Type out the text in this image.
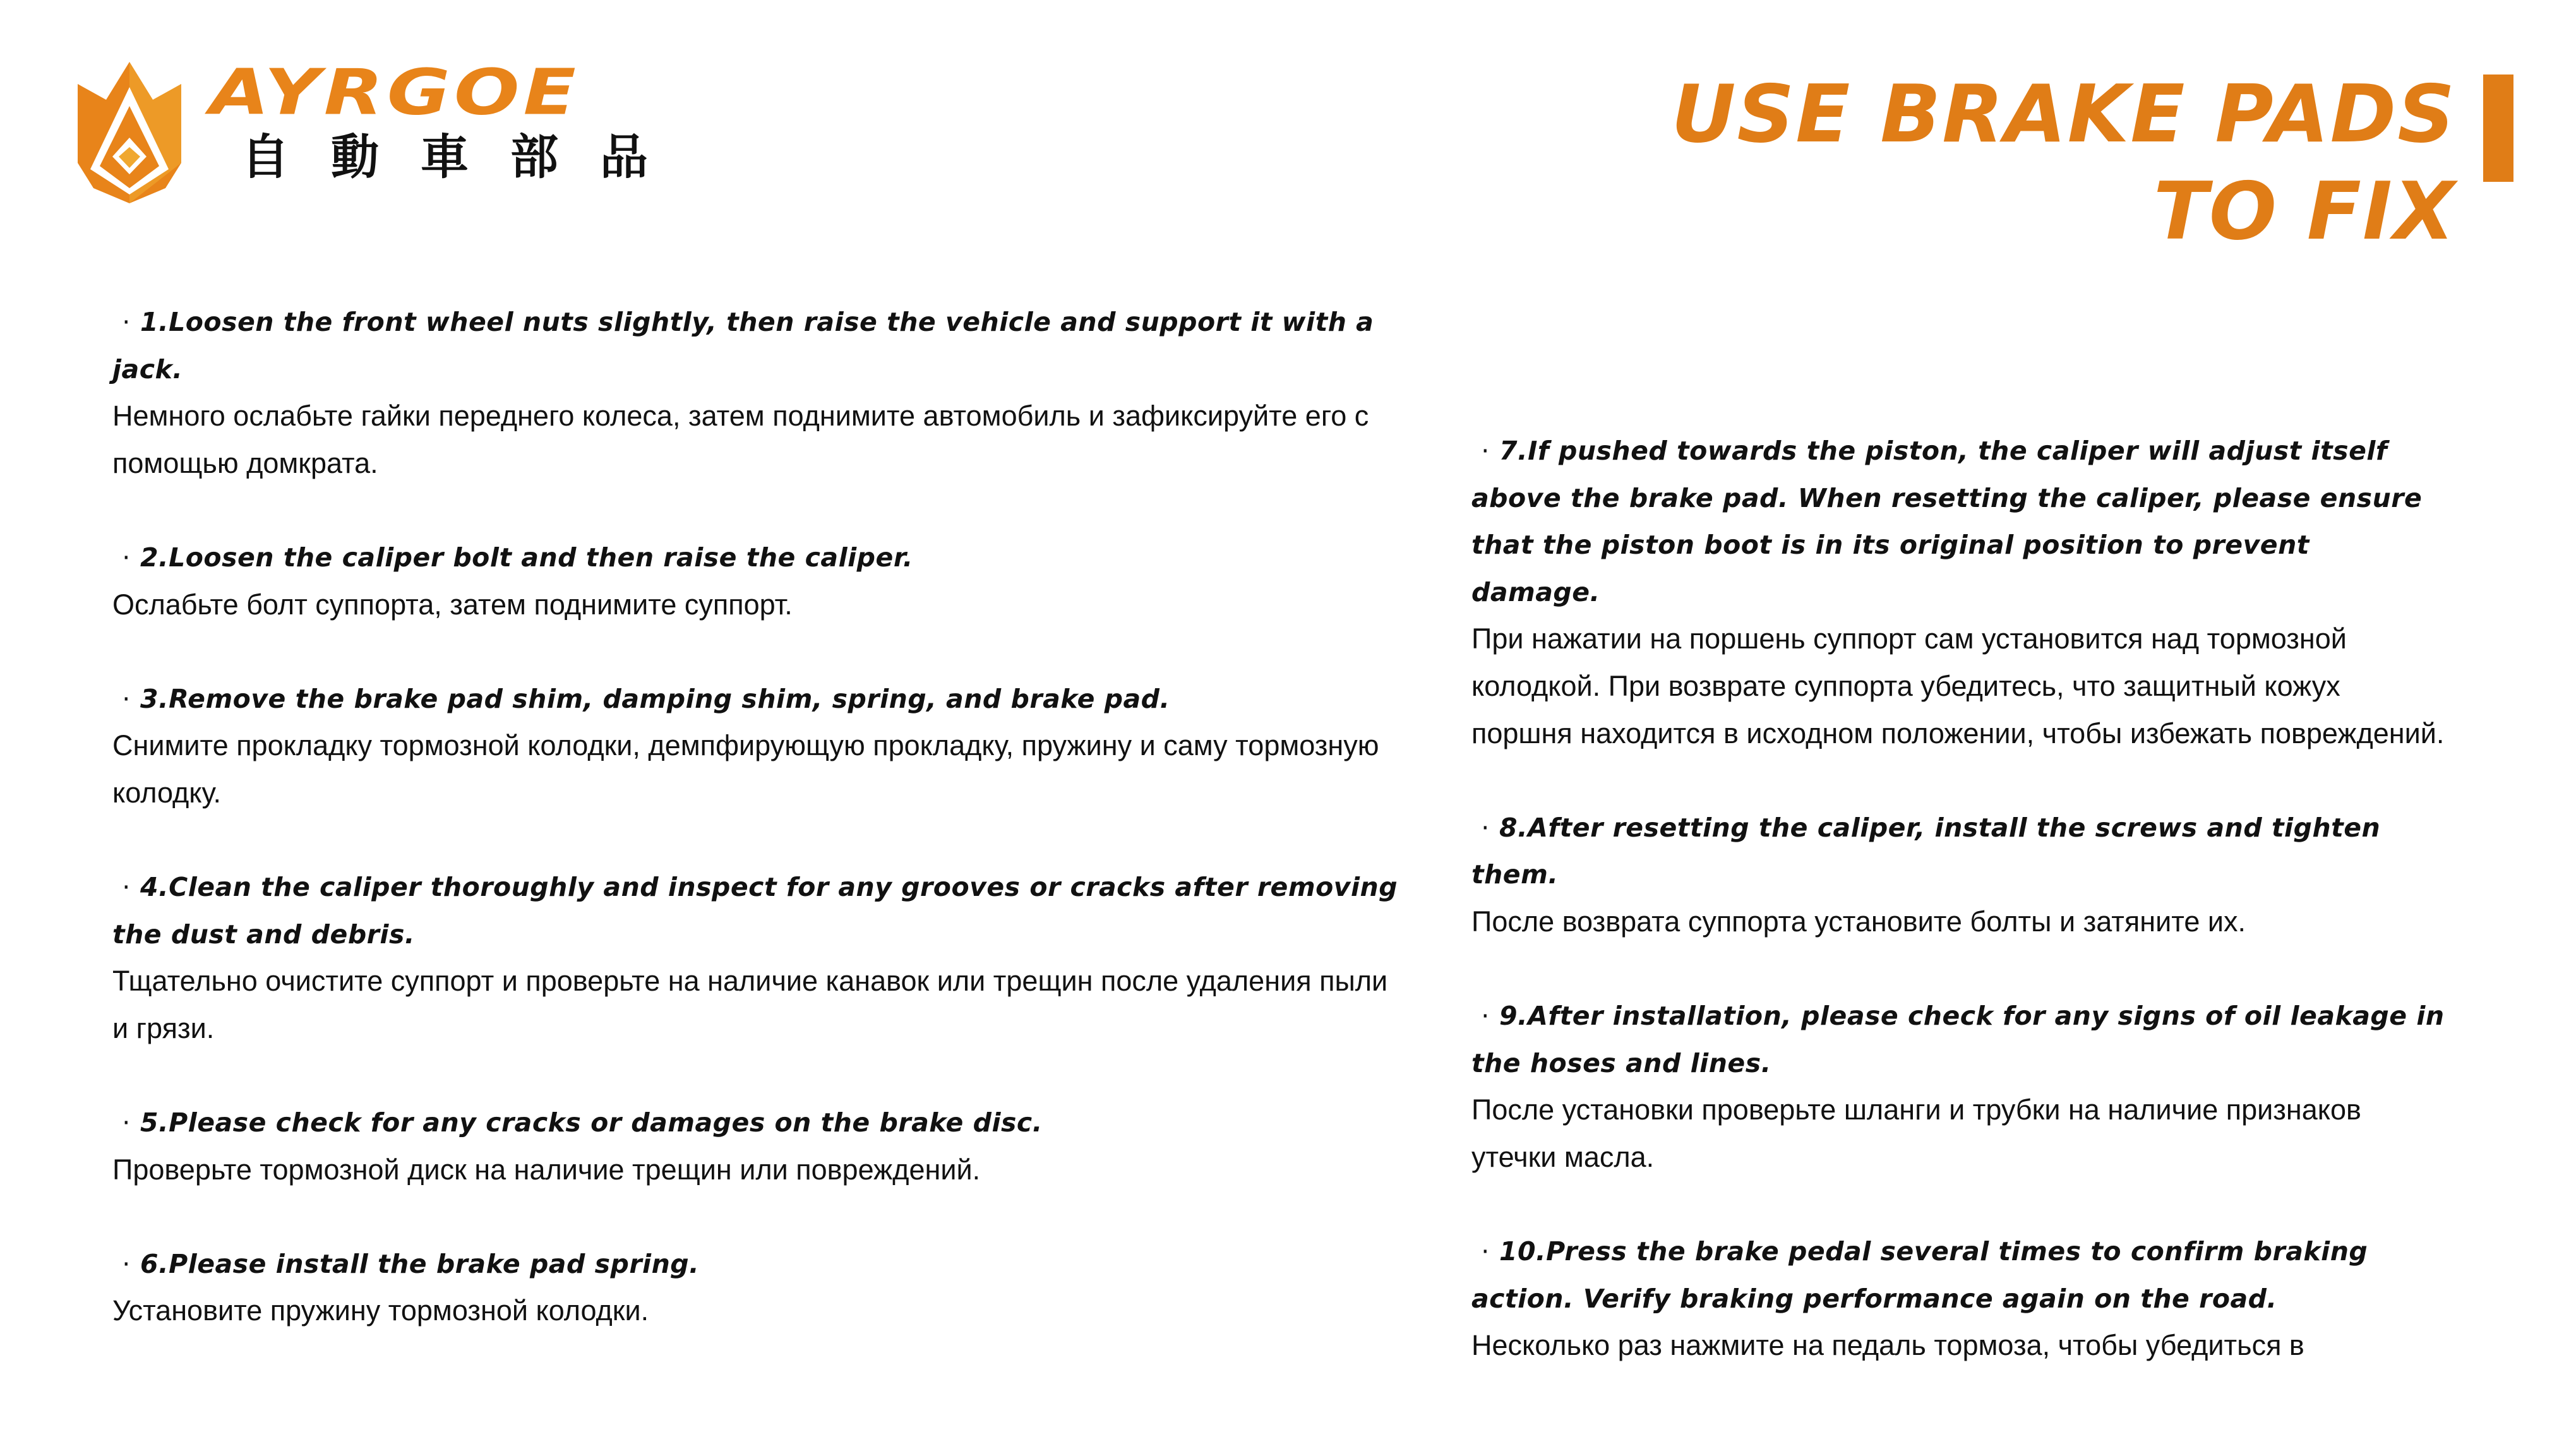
AYRGOE
自動車部品	USE BRAKE PADS
TO FIX
· 1.Loosen the front wheel nuts slightly, then raise the vehicle and support it with a jack.
Немного ослабьте гайки переднего колеса, затем поднимите автомобиль и зафиксируйте его с помощью домкрата.
· 2.Loosen the caliper bolt and then raise the caliper.
Ослабьте болт суппорта, затем поднимите суппорт.
· 3.Remove the brake pad shim, damping shim, spring, and brake pad.
Снимите прокладку тормозной колодки, демпфирующую прокладку, пружину и саму тормозную колодку.
· 4.Clean the caliper thoroughly and inspect for any grooves or cracks after removing the dust and debris.
Тщательно очистите суппорт и проверьте на наличие канавок или трещин после удаления пыли и грязи.
· 5.Please check for any cracks or damages on the brake disc.
Проверьте тормозной диск на наличие трещин или повреждений.
· 6.Please install the brake pad spring.
Установите пружину тормозной колодки.
· 7.If pushed towards the piston, the caliper will adjust itself above the brake pad. When resetting the caliper, please ensure that the piston boot is in its original position to prevent damage.
При нажатии на поршень суппорт сам установится над тормозной колодкой. При возврате суппорта убедитесь, что защитный кожух поршня находится в исходном положении, чтобы избежать повреждений.
· 8.After resetting the caliper, install the screws and tighten them.
После возврата суппорта установите болты и затяните их.
· 9.After installation, please check for any signs of oil leakage in the hoses and lines.
После установки проверьте шланги и трубки на наличие признаков утечки масла.
· 10.Press the brake pedal several times to confirm braking action. Verify braking performance again on the road.
Несколько раз нажмите на педаль тормоза, чтобы убедиться в
